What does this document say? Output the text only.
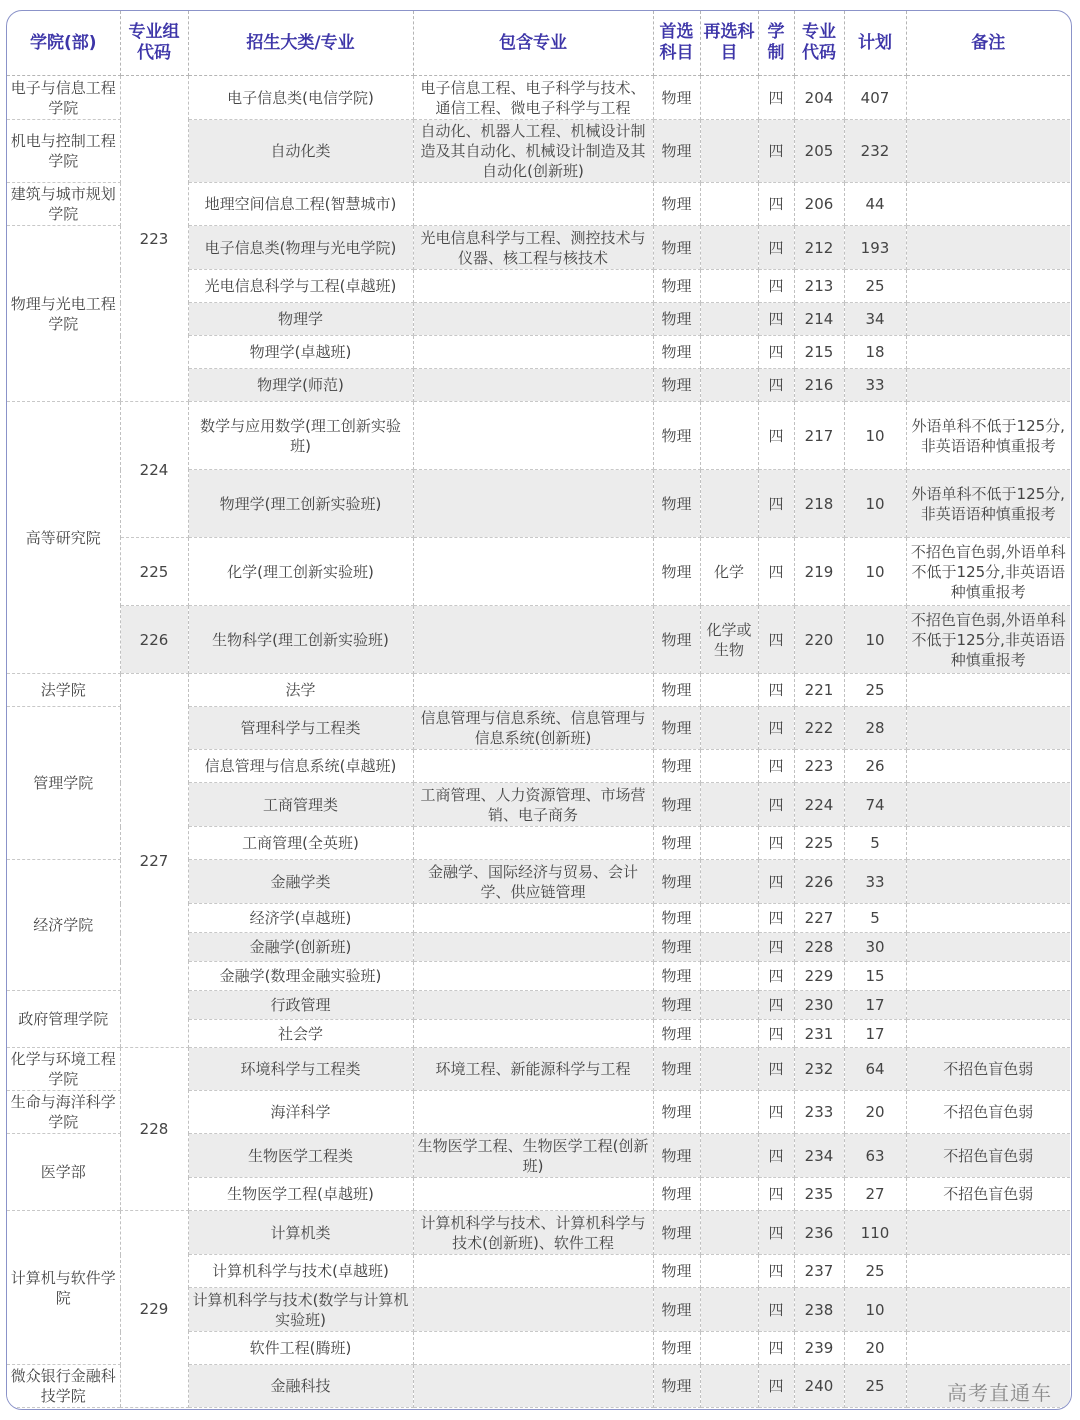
学院(部)	专业组代码	招生大类/专业	包含专业	首选科目	再选科目	学制	专业代码	计划	备注
电子与信息工程学院	223	电子信息类(电信学院)	电子信息工程、电子科学与技术、通信工程、微电子科学与工程	物理		四	204	407	
机电与控制工程学院		自动化类	自动化、机器人工程、机械设计制造及其自动化、机械设计制造及其自动化(创新班)	物理		四	205	232	
建筑与城市规划学院		地理空间信息工程(智慧城市)		物理		四	206	44	
物理与光电工程学院		电子信息类(物理与光电学院)	光电信息科学与工程、测控技术与仪器、核工程与核技术	物理		四	212	193	
		光电信息科学与工程(卓越班)		物理		四	213	25	
		物理学		物理		四	214	34	
		物理学(卓越班)		物理		四	215	18	
		物理学(师范)		物理		四	216	33	
高等研究院	224	数学与应用数学(理工创新实验班)		物理		四	217	10	外语单科不低于125分,非英语语种慎重报考
		物理学(理工创新实验班)		物理		四	218	10	外语单科不低于125分,非英语语种慎重报考
	225	化学(理工创新实验班)		物理	化学	四	219	10	不招色盲色弱,外语单科不低于125分,非英语语种慎重报考
	226	生物科学(理工创新实验班)		物理	化学或生物	四	220	10	不招色盲色弱,外语单科不低于125分,非英语语种慎重报考
法学院	227	法学		物理		四	221	25	
管理学院		管理科学与工程类	信息管理与信息系统、信息管理与信息系统(创新班)	物理		四	222	28	
		信息管理与信息系统(卓越班)		物理		四	223	26	
		工商管理类	工商管理、人力资源管理、市场营销、电子商务	物理		四	224	74	
		工商管理(全英班)		物理		四	225	5	
经济学院		金融学类	金融学、国际经济与贸易、会计学、供应链管理	物理		四	226	33	
		经济学(卓越班)		物理		四	227	5	
		金融学(创新班)		物理		四	228	30	
		金融学(数理金融实验班)		物理		四	229	15	
政府管理学院		行政管理		物理		四	230	17	
		社会学		物理		四	231	17	
化学与环境工程学院	228	环境科学与工程类	环境工程、新能源科学与工程	物理		四	232	64	不招色盲色弱
生命与海洋科学学院		海洋科学		物理		四	233	20	不招色盲色弱
医学部		生物医学工程类	生物医学工程、生物医学工程(创新班)	物理		四	234	63	不招色盲色弱
		生物医学工程(卓越班)		物理		四	235	27	不招色盲色弱
计算机与软件学院	229	计算机类	计算机科学与技术、计算机科学与技术(创新班)、软件工程	物理		四	236	110	
		计算机科学与技术(卓越班)		物理		四	237	25	
		计算机科学与技术(数学与计算机实验班)		物理		四	238	10	
		软件工程(腾班)		物理		四	239	20	
微众银行金融科技学院		金融科技		物理		四	240	25		高考直通车
